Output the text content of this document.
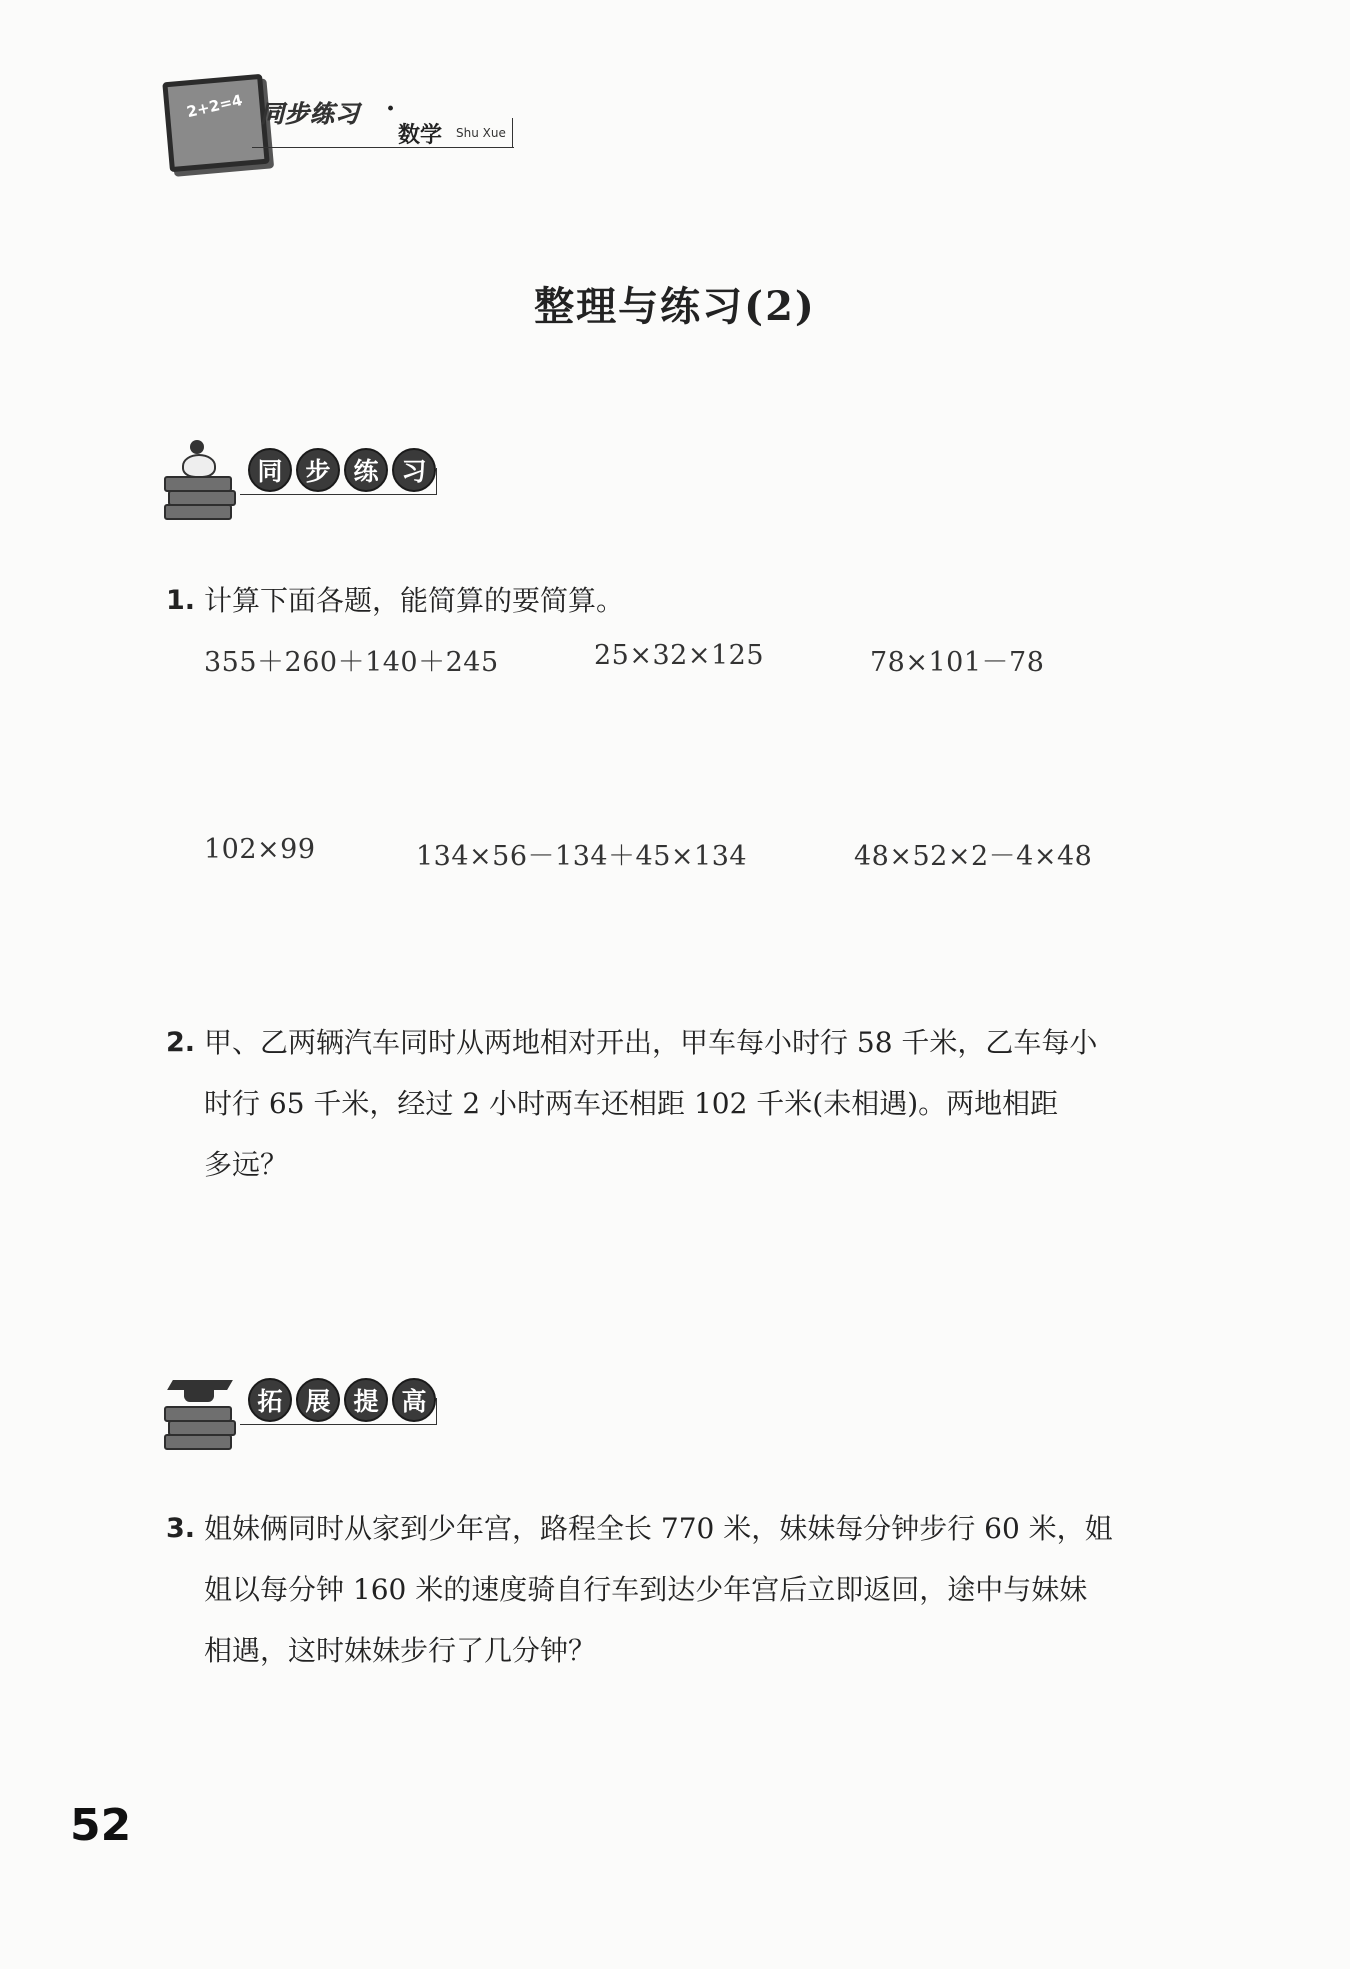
2+2=4 同步练习 ·
数学 Shu Xue
整理与练习(2)
同 步 练 习
1. 计算下面各题，能简算的要简算。
355＋260＋140＋245	25×32×125	78×101－78
102×99	134×56－134＋45×134	48×52×2－4×48
2. 甲、乙两辆汽车同时从两地相对开出，甲车每小时行 58 千米，乙车每小
时行 65 千米，经过 2 小时两车还相距 102 千米(未相遇)。两地相距
多远？
拓 展 提 高
3. 姐妹俩同时从家到少年宫，路程全长 770 米，妹妹每分钟步行 60 米，姐
姐以每分钟 160 米的速度骑自行车到达少年宫后立即返回，途中与妹妹
相遇，这时妹妹步行了几分钟？
52
